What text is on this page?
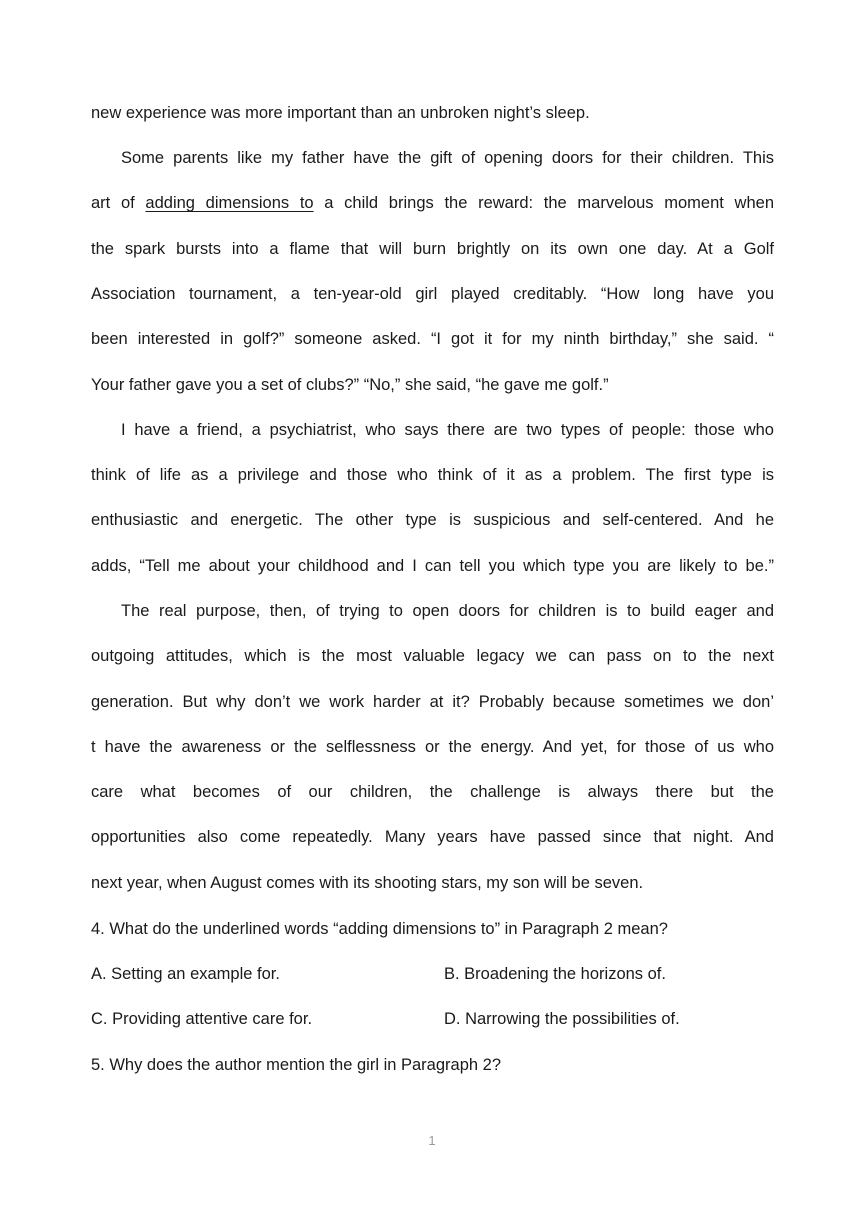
new experience was more important than an unbroken night’s sleep.
Some parents like my father have the gift of opening doors for their children. This
art of adding dimensions to a child brings the reward: the marvelous moment when
the spark bursts into a flame that will burn brightly on its own one day. At a Golf
Association tournament, a ten-year-old girl played creditably. “How long have you
been interested in golf?” someone asked. “I got it for my ninth birthday,” she said. “
Your father gave you a set of clubs?” “No,” she said, “he gave me golf.”
I have a friend, a psychiatrist, who says there are two types of people: those who
think of life as a privilege and those who think of it as a problem. The first type is
enthusiastic and energetic. The other type is suspicious and self-centered. And he
adds, “Tell me about your childhood and I can tell you which type you are likely to be.”
The real purpose, then, of trying to open doors for children is to build eager and
outgoing attitudes, which is the most valuable legacy we can pass on to the next
generation. But why don’t we work harder at it? Probably because sometimes we don’
t have the awareness or the selflessness or the energy. And yet, for those of us who
care what becomes of our children, the challenge is always there but the
opportunities also come repeatedly. Many years have passed since that night. And
next year, when August comes with its shooting stars, my son will be seven.
4. What do the underlined words “adding dimensions to” in Paragraph 2 mean?
A. Setting an example for.	B. Broadening the horizons of.
C. Providing attentive care for.	D. Narrowing the possibilities of.
5. Why does the author mention the girl in Paragraph 2?
1
